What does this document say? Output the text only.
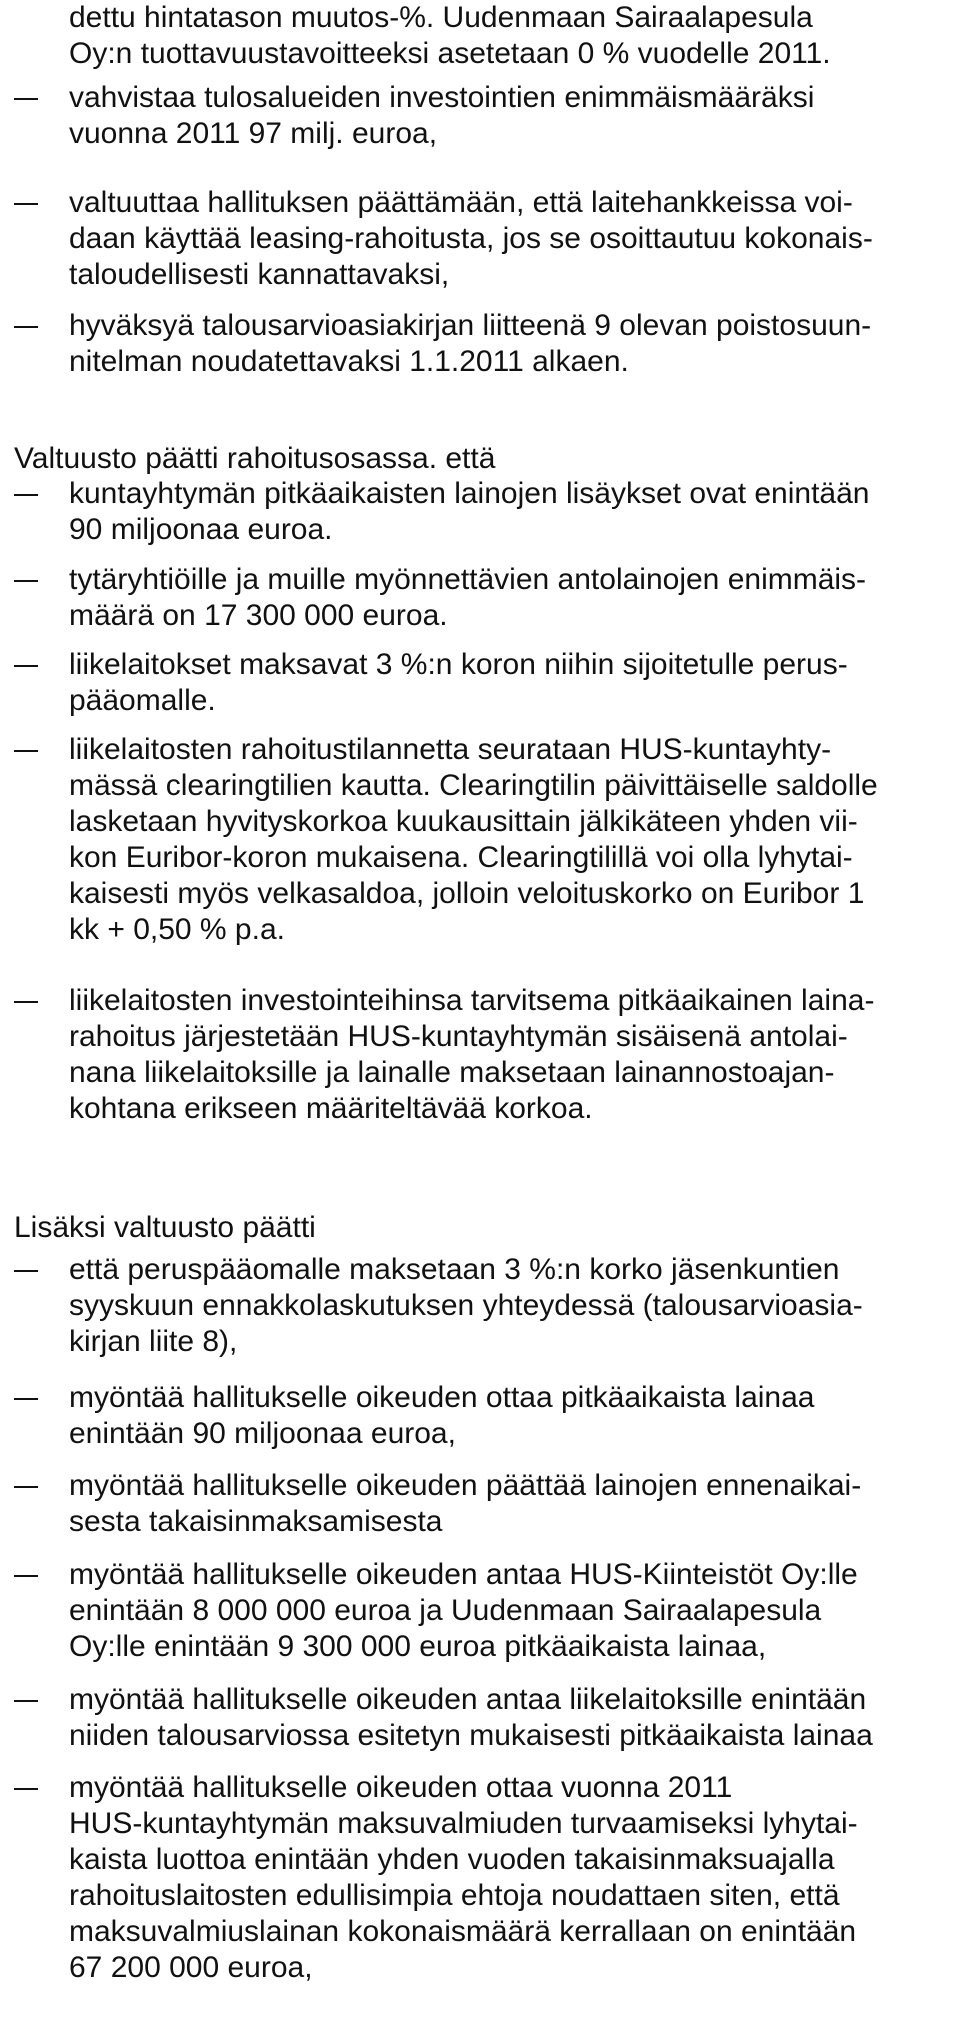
dettu hintatason muutos-%. Uudenmaan Sairaalapesula

Oy:n tuottavuustavoitteeksi asetetaan 0 % vuodelle 2011.

vahvistaa tulosalueiden investointien enimmäismääräksi

vuonna 2011 97 milj. euroa,

valtuuttaa hallituksen päättämään, että laitehankkeissa voi-

daan käyttää leasing-rahoitusta, jos se osoittautuu kokonais-

taloudellisesti kannattavaksi,

hyväksyä talousarvioasiakirjan liitteenä 9 olevan poistosuun-

nitelman noudatettavaksi 1.1.2011 alkaen.

Valtuusto päätti rahoitusosassa. että

kuntayhtymän pitkäaikaisten lainojen lisäykset ovat enintään

90 miljoonaa euroa.

tytäryhtiöille ja muille myönnettävien antolainojen enimmäis-

määrä on 17 300 000 euroa.

liikelaitokset maksavat 3 %:n koron niihin sijoitetulle perus-

pääomalle.

liikelaitosten rahoitustilannetta seurataan HUS-kuntayhty-

mässä clearingtilien kautta. Clearingtilin päivittäiselle saldolle

lasketaan hyvityskorkoa kuukausittain jälkikäteen yhden vii-

kon Euribor-koron mukaisena. Clearingtilillä voi olla lyhytai-

kaisesti myös velkasaldoa, jolloin veloituskorko on Euribor 1

kk + 0,50 % p.a.

liikelaitosten investointeihinsa tarvitsema pitkäaikainen laina-

rahoitus järjestetään HUS-kuntayhtymän sisäisenä antolai-

nana liikelaitoksille ja lainalle maksetaan lainannostoajan-

kohtana erikseen määriteltävää korkoa.

Lisäksi valtuusto päätti

että peruspääomalle maksetaan 3 %:n korko jäsenkuntien

syyskuun ennakkolaskutuksen yhteydessä (talousarvioasia-

kirjan liite 8),

myöntää hallitukselle oikeuden ottaa pitkäaikaista lainaa

enintään 90 miljoonaa euroa,

myöntää hallitukselle oikeuden päättää lainojen ennenaikai-

sesta takaisinmaksamisesta

myöntää hallitukselle oikeuden antaa HUS-Kiinteistöt Oy:lle

enintään 8 000 000 euroa ja Uudenmaan Sairaalapesula

Oy:lle enintään 9 300 000 euroa pitkäaikaista lainaa,

myöntää hallitukselle oikeuden antaa liikelaitoksille enintään

niiden talousarviossa esitetyn mukaisesti pitkäaikaista lainaa

myöntää hallitukselle oikeuden ottaa vuonna 2011

HUS-kuntayhtymän maksuvalmiuden turvaamiseksi lyhytai-

kaista luottoa enintään yhden vuoden takaisinmaksuajalla

rahoituslaitosten edullisimpia ehtoja noudattaen siten, että

maksuvalmiuslainan kokonaismäärä kerrallaan on enintään

67 200 000 euroa,
